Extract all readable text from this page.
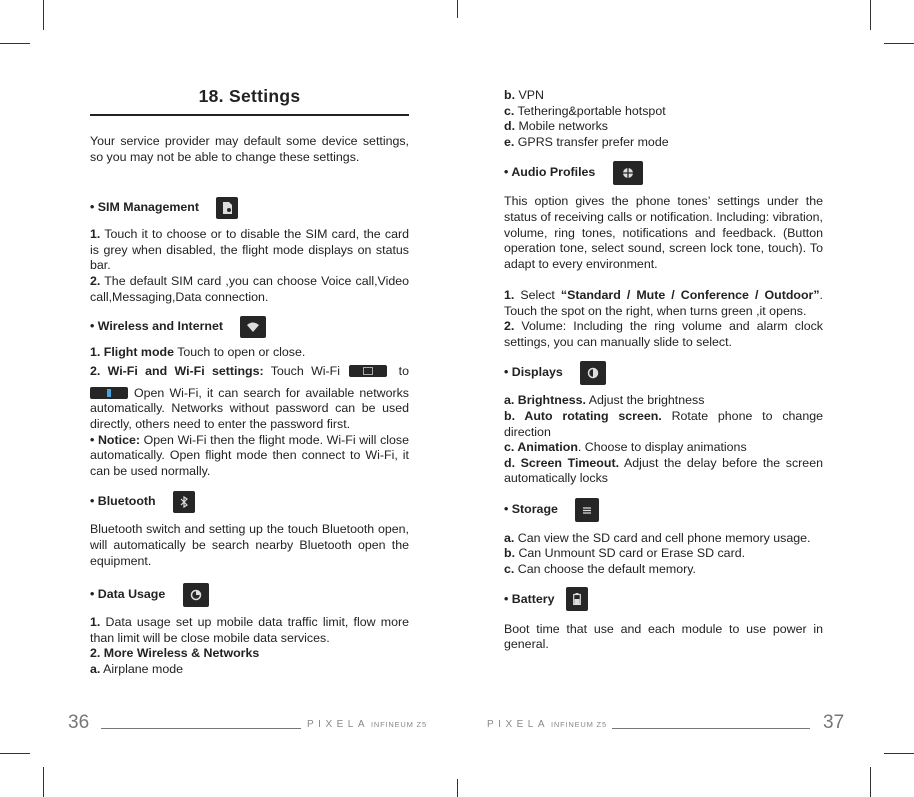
18. Settings

Your service provider may default some device settings, so you may not be able to change these settings.

• SIM Management

1. Touch it to choose or to disable the SIM card, the card is grey when disabled, the flight mode displays on status bar.

2. The default SIM card ,you can choose Voice call,Video call,Messaging,Data connection.

• Wireless and Internet

1. Flight mode Touch to open or close.

2. Wi-Fi and Wi-Fi settings: Touch Wi-Fi	to

Open Wi-Fi, it can search for available networks automatically. Networks without password can be used directly, others need to enter the password first.

• Notice: Open Wi-Fi then the flight mode. Wi-Fi will close automatically. Open flight mode then connect to Wi-Fi, it can be used normally.

• Bluetooth

Bluetooth switch and setting up the touch Bluetooth open, will automatically be search nearby Bluetooth open the equipment.

• Data Usage

1. Data usage set up mobile data traffic limit, flow more than limit will be close mobile data services.

2. More Wireless & Networks

a. Airplane mode

b. VPN

c. Tethering&portable hotspot

d. Mobile networks

e. GPRS transfer prefer mode

• Audio Profiles

This option gives the phone tones’ settings under the status of receiving calls or notification. Including: vibration, volume, ring tones, notifications and feedback. (Button operation tone, select sound, screen lock tone, touch). To adapt to every environment.

1. Select “Standard / Mute / Conference / Outdoor”. Touch the spot on the right, when turns green ,it opens.

2. Volume: Including the ring volume and alarm clock settings, you can manually slide to select.

• Displays

a. Brightness. Adjust the brightness

b. Auto rotating screen. Rotate phone to change direction

c. Animation. Choose to display animations

d. Screen Timeout. Adjust the delay before the screen automatically locks

• Storage

a. Can view the SD card and cell phone memory usage.

b. Can Unmount SD card or Erase SD card.

c. Can choose the default memory.

• Battery

Boot time that use and each module to use power in general.

36	PIXELA INFINEUM Z5	PIXELA INFINEUM Z5	37
